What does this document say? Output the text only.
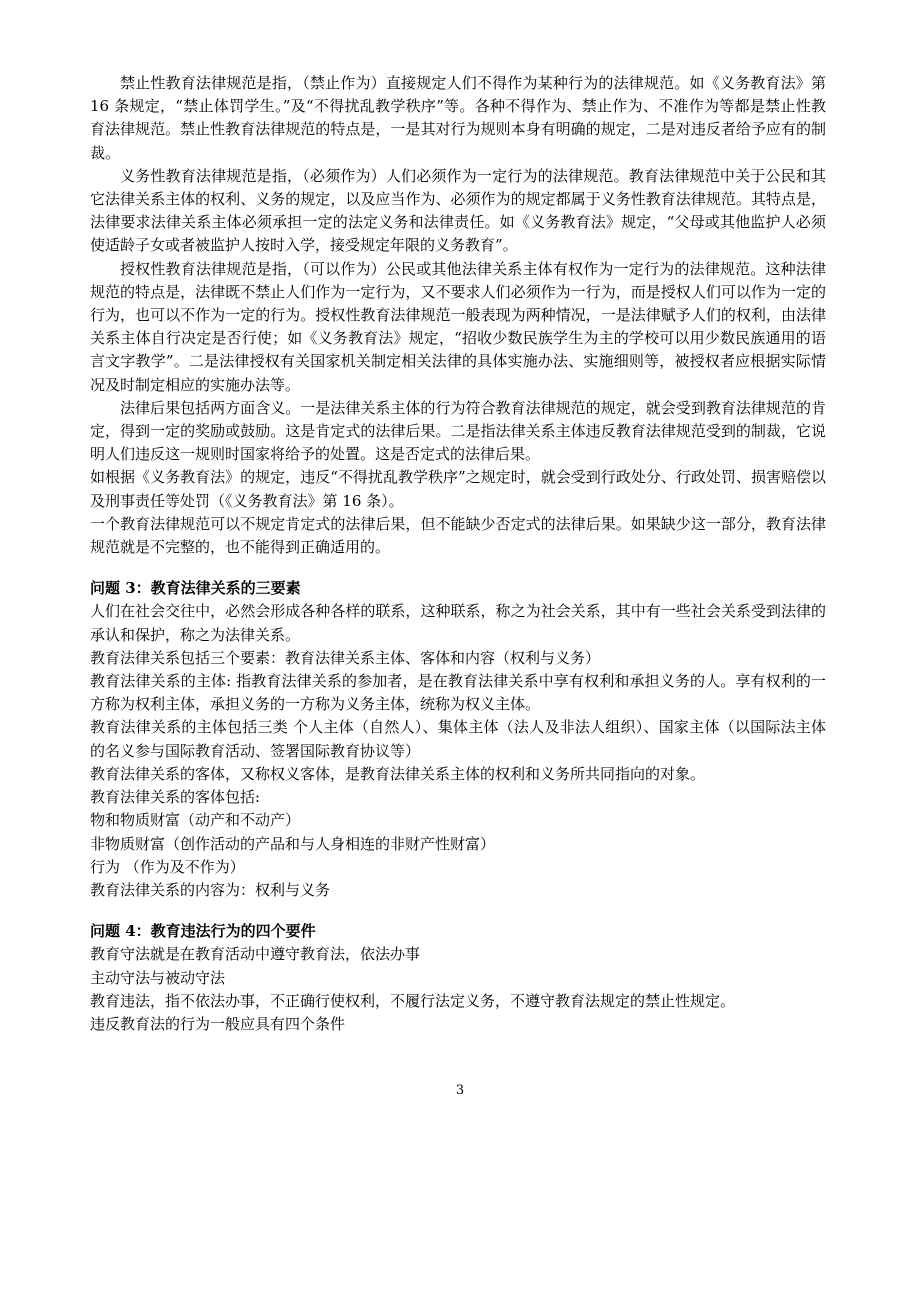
禁止性教育法律规范是指，（禁止作为）直接规定人们不得作为某种行为的法律规范。如《义务教育法》第 16 条规定，“禁止体罚学生。”及“不得扰乱教学秩序”等。各种不得作为、禁止作为、不准作为等都是禁止性教育法律规范。禁止性教育法律规范的特点是，一是其对行为规则本身有明确的规定，二是对违反者给予应有的制裁。

义务性教育法律规范是指，（必须作为）人们必须作为一定行为的法律规范。教育法律规范中关于公民和其它法律关系主体的权利、义务的规定，以及应当作为、必须作为的规定都属于义务性教育法律规范。其特点是，法律要求法律关系主体必须承担一定的法定义务和法律责任。如《义务教育法》规定，“父母或其他监护人必须使适龄子女或者被监护人按时入学，接受规定年限的义务教育”。

授权性教育法律规范是指，（可以作为）公民或其他法律关系主体有权作为一定行为的法律规范。这种法律规范的特点是，法律既不禁止人们作为一定行为，又不要求人们必须作为一行为，而是授权人们可以作为一定的行为，也可以不作为一定的行为。授权性教育法律规范一般表现为两种情况，一是法律赋予人们的权利，由法律关系主体自行决定是否行使；如《义务教育法》规定，“招收少数民族学生为主的学校可以用少数民族通用的语言文字教学”。二是法律授权有关国家机关制定相关法律的具体实施办法、实施细则等，被授权者应根据实际情况及时制定相应的实施办法等。

法律后果包括两方面含义。一是法律关系主体的行为符合教育法律规范的规定，就会受到教育法律规范的肯定，得到一定的奖励或鼓励。这是肯定式的法律后果。二是指法律关系主体违反教育法律规范受到的制裁，它说明人们违反这一规则时国家将给予的处置。这是否定式的法律后果。

如根据《义务教育法》的规定，违反“不得扰乱教学秩序”之规定时，就会受到行政处分、行政处罚、损害赔偿以及刑事责任等处罚（《义务教育法》第 16 条）。

一个教育法律规范可以不规定肯定式的法律后果，但不能缺少否定式的法律后果。如果缺少这一部分，教育法律规范就是不完整的，也不能得到正确适用的。

问题 3：教育法律关系的三要素

人们在社会交往中，必然会形成各种各样的联系，这种联系，称之为社会关系，其中有一些社会关系受到法律的承认和保护，称之为法律关系。

教育法律关系包括三个要素：教育法律关系主体、客体和内容（权利与义务）

教育法律关系的主体: 指教育法律关系的参加者，是在教育法律关系中享有权利和承担义务的人。享有权利的一方称为权利主体，承担义务的一方称为义务主体，统称为权义主体。

教育法律关系的主体包括三类 个人主体（自然人）、集体主体（法人及非法人组织）、国家主体（以国际法主体的名义参与国际教育活动、签署国际教育协议等）

教育法律关系的客体，又称权义客体，是教育法律关系主体的权利和义务所共同指向的对象。

教育法律关系的客体包括:

物和物质财富（动产和不动产）

非物质财富（创作活动的产品和与人身相连的非财产性财富）

行为 （作为及不作为）

教育法律关系的内容为：权利与义务

问题 4：教育违法行为的四个要件

教育守法就是在教育活动中遵守教育法，依法办事

主动守法与被动守法

教育违法，指不依法办事，不正确行使权利，不履行法定义务，不遵守教育法规定的禁止性规定。

违反教育法的行为一般应具有四个条件

3
